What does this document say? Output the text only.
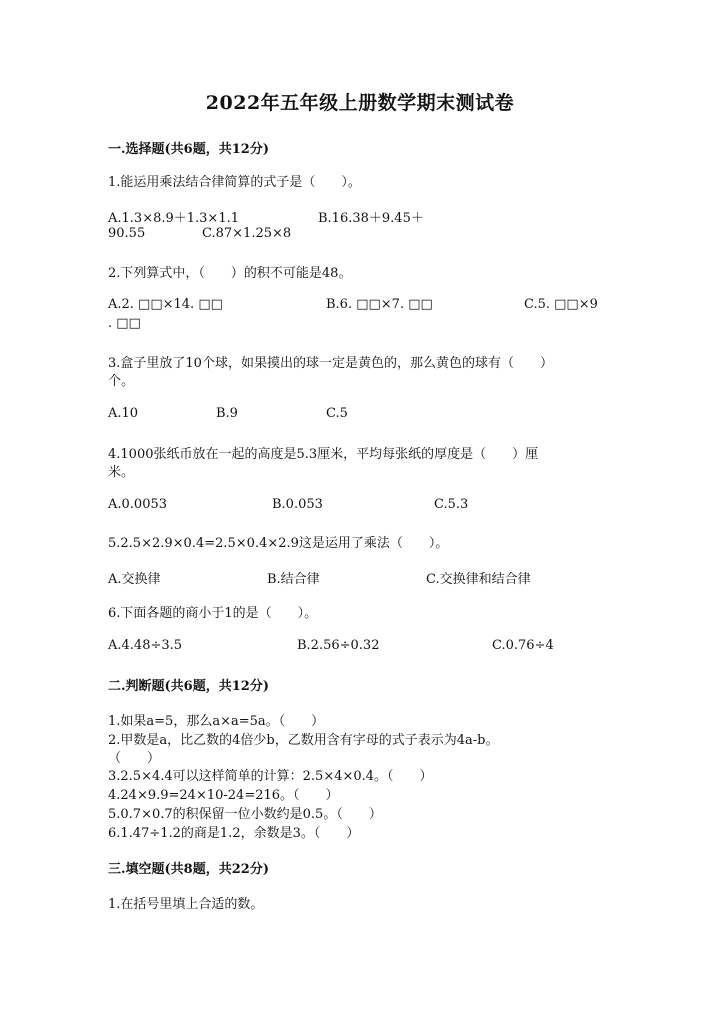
2022年五年级上册数学期末测试卷
一.选择题(共6题，共12分)
1.能运用乘法结合律简算的式子是（　　）。
A.1.3×8.9＋1.3×1.1	B.16.38＋9.45＋
90.55	C.87×1.25×8
2.下列算式中，（　　）的积不可能是48。
A.2. □□×14. □□	B.6. □□×7. □□	C.5. □□×9
. □□
3.盒子里放了10个球，如果摸出的球一定是黄色的，那么黄色的球有（　　）
个。
A.10	B.9	C.5
4.1000张纸币放在一起的高度是5.3厘米，平均每张纸的厚度是（　　）厘
米。
A.0.0053	B.0.053	C.5.3
5.2.5×2.9×0.4=2.5×0.4×2.9这是运用了乘法（　　）。
A.交换律	B.结合律	C.交换律和结合律
6.下面各题的商小于1的是（　　）。
A.4.48÷3.5	B.2.56÷0.32	C.0.76÷4
二.判断题(共6题，共12分)
1.如果a=5，那么a×a=5a。（　　）
2.甲数是a，比乙数的4倍少b，乙数用含有字母的式子表示为4a-b。
（　　）
3.2.5×4.4可以这样简单的计算：2.5×4×0.4。（　　）
4.24×9.9=24×10-24=216。（　　）
5.0.7×0.7的积保留一位小数约是0.5。（　　）
6.1.47÷1.2的商是1.2，余数是3。（　　）
三.填空题(共8题，共22分)
1.在括号里填上合适的数。
